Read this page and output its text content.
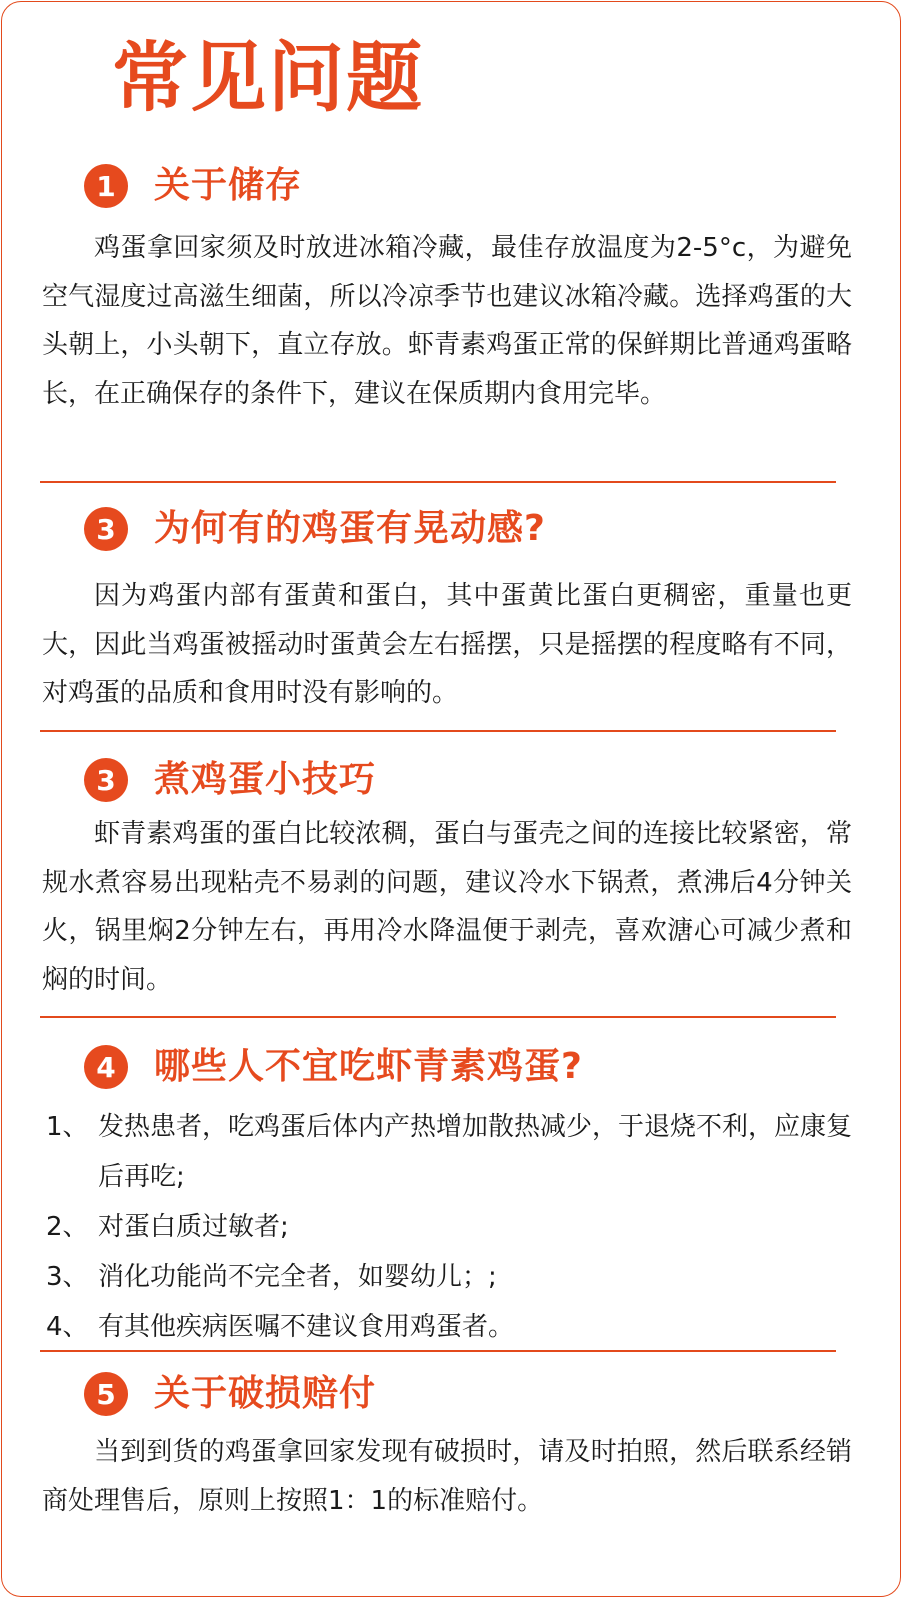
常见问题
1	关于储存

鸡蛋拿回家须及时放进冰箱冷藏，最佳存放温度为2-5°c，为避免空气湿度过高滋生细菌，所以冷凉季节也建议冰箱冷藏。选择鸡蛋的大头朝上，小头朝下，直立存放。虾青素鸡蛋正常的保鲜期比普通鸡蛋略长，在正确保存的条件下，建议在保质期内食用完毕。

3	为何有的鸡蛋有晃动感?

因为鸡蛋内部有蛋黄和蛋白，其中蛋黄比蛋白更稠密，重量也更大，因此当鸡蛋被摇动时蛋黄会左右摇摆，只是摇摆的程度略有不同，对鸡蛋的品质和食用时没有影响的。

3	煮鸡蛋小技巧

虾青素鸡蛋的蛋白比较浓稠，蛋白与蛋壳之间的连接比较紧密，常规水煮容易出现粘壳不易剥的问题，建议冷水下锅煮，煮沸后4分钟关火，锅里焖2分钟左右，再用冷水降温便于剥壳，喜欢溏心可减少煮和焖的时间。

4	哪些人不宜吃虾青素鸡蛋?
1、 发热患者，吃鸡蛋后体内产热增加散热减少，于退烧不利，应康复后再吃;
2、 对蛋白质过敏者;
3、 消化功能尚不完全者，如婴幼儿；;
4、 有其他疾病医嘱不建议食用鸡蛋者。
5	关于破损赔付

当到到货的鸡蛋拿回家发现有破损时，请及时拍照，然后联系经销商处理售后，原则上按照1：1的标准赔付。
